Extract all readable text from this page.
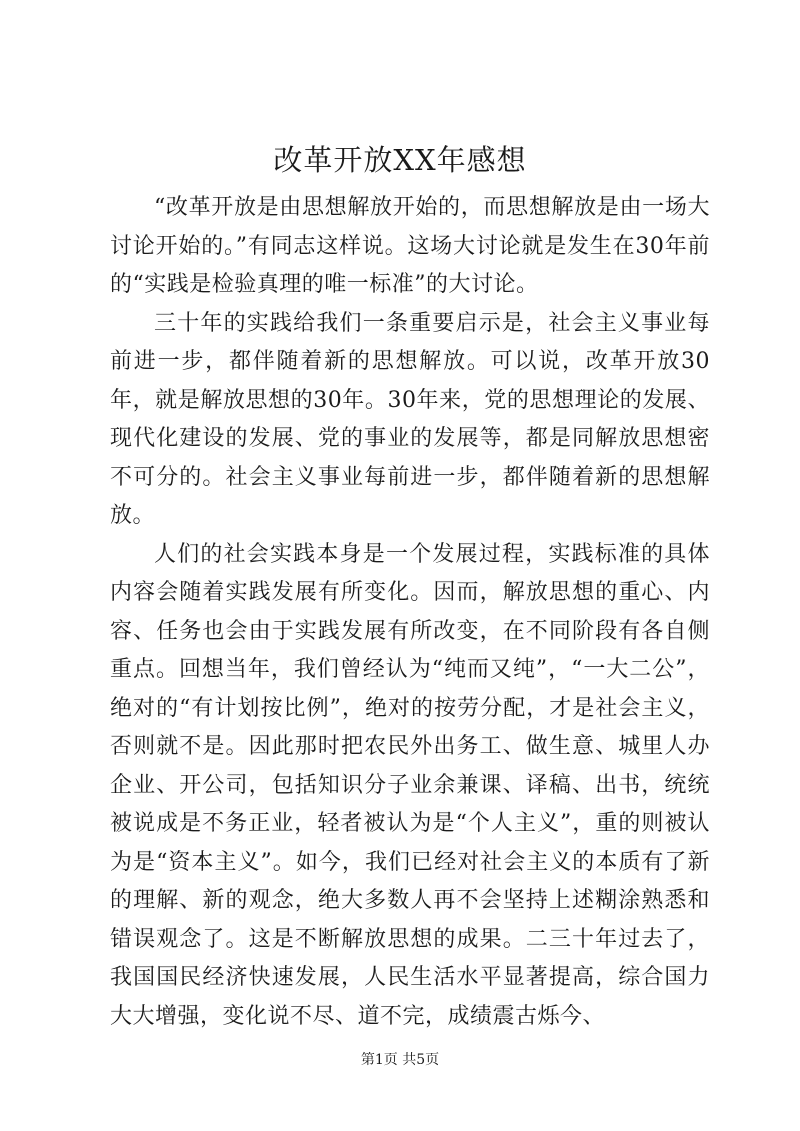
改革开放XX年感想

“改革开放是由思想解放开始的，而思想解放是由一场大讨论开始的。”有同志这样说。这场大讨论就是发生在30年前的“实践是检验真理的唯一标准”的大讨论。

三十年的实践给我们一条重要启示是，社会主义事业每前进一步，都伴随着新的思想解放。可以说，改革开放30年，就是解放思想的30年。30年来，党的思想理论的发展、现代化建设的发展、党的事业的发展等，都是同解放思想密不可分的。社会主义事业每前进一步，都伴随着新的思想解放。

人们的社会实践本身是一个发展过程，实践标准的具体内容会随着实践发展有所变化。因而，解放思想的重心、内容、任务也会由于实践发展有所改变，在不同阶段有各自侧重点。回想当年，我们曾经认为“纯而又纯”，“一大二公”，绝对的“有计划按比例”，绝对的按劳分配，才是社会主义，否则就不是。因此那时把农民外出务工、做生意、城里人办企业、开公司，包括知识分子业余兼课、译稿、出书，统统被说成是不务正业，轻者被认为是“个人主义”，重的则被认为是“资本主义”。如今，我们已经对社会主义的本质有了新的理解、新的观念，绝大多数人再不会坚持上述糊涂熟悉和错误观念了。这是不断解放思想的成果。二三十年过去了，我国国民经济快速发展，人民生活水平显著提高，综合国力大大增强，变化说不尽、道不完，成绩震古烁今、

第1页 共5页
